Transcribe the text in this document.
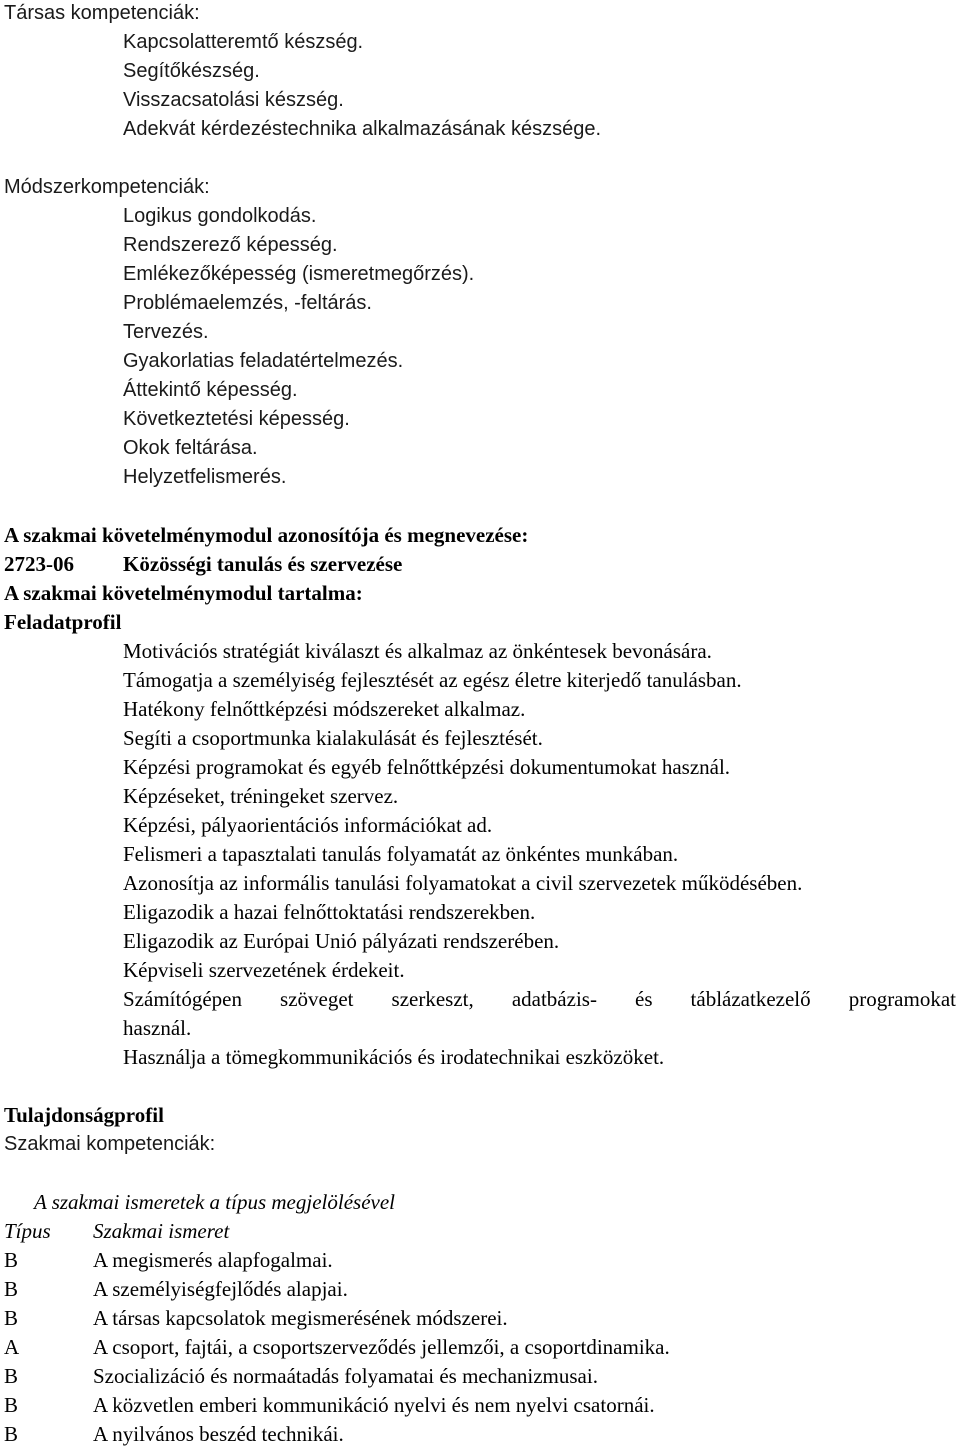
Társas kompetenciák:
Kapcsolatteremtő készség.
Segítőkészség.
Visszacsatolási készség.
Adekvát kérdezéstechnika alkalmazásának készsége.
Módszerkompetenciák:
Logikus gondolkodás.
Rendszerező képesség.
Emlékezőképesség (ismeretmegőrzés).
Problémaelemzés, -feltárás.
Tervezés.
Gyakorlatias feladatértelmezés.
Áttekintő képesség.
Következtetési képesség.
Okok feltárása.
Helyzetfelismerés.
A szakmai követelménymodul azonosítója és megnevezése:
2723-06 Közösségi tanulás és szervezése
A szakmai követelménymodul tartalma:
Feladatprofil
Motivációs stratégiát kiválaszt és alkalmaz az önkéntesek bevonására.
Támogatja a személyiség fejlesztését az egész életre kiterjedő tanulásban.
Hatékony felnőttképzési módszereket alkalmaz.
Segíti a csoportmunka kialakulását és fejlesztését.
Képzési programokat és egyéb felnőttképzési dokumentumokat használ.
Képzéseket, tréningeket szervez.
Képzési, pályaorientációs információkat ad.
Felismeri a tapasztalati tanulás folyamatát az önkéntes munkában.
Azonosítja az informális tanulási folyamatokat a civil szervezetek működésében.
Eligazodik a hazai felnőttoktatási rendszerekben.
Eligazodik az Európai Unió pályázati rendszerében.
Képviseli szervezetének érdekeit.
Számítógépen szöveget szerkeszt, adatbázis- és táblázatkezelő programokat
használ.
Használja a tömegkommunikációs és irodatechnikai eszközöket.
Tulajdonságprofil
Szakmai kompetenciák:
A szakmai ismeretek a típus megjelölésével
Típus Szakmai ismeret
B	A megismerés alapfogalmai.
B	A személyiségfejlődés alapjai.
B	A társas kapcsolatok megismerésének módszerei.
A	A csoport, fajtái, a csoportszerveződés jellemzői, a csoportdinamika.
B	Szocializáció és normaátadás folyamatai és mechanizmusai.
B	A közvetlen emberi kommunikáció nyelvi és nem nyelvi csatornái.
B	A nyilvános beszéd technikái.
